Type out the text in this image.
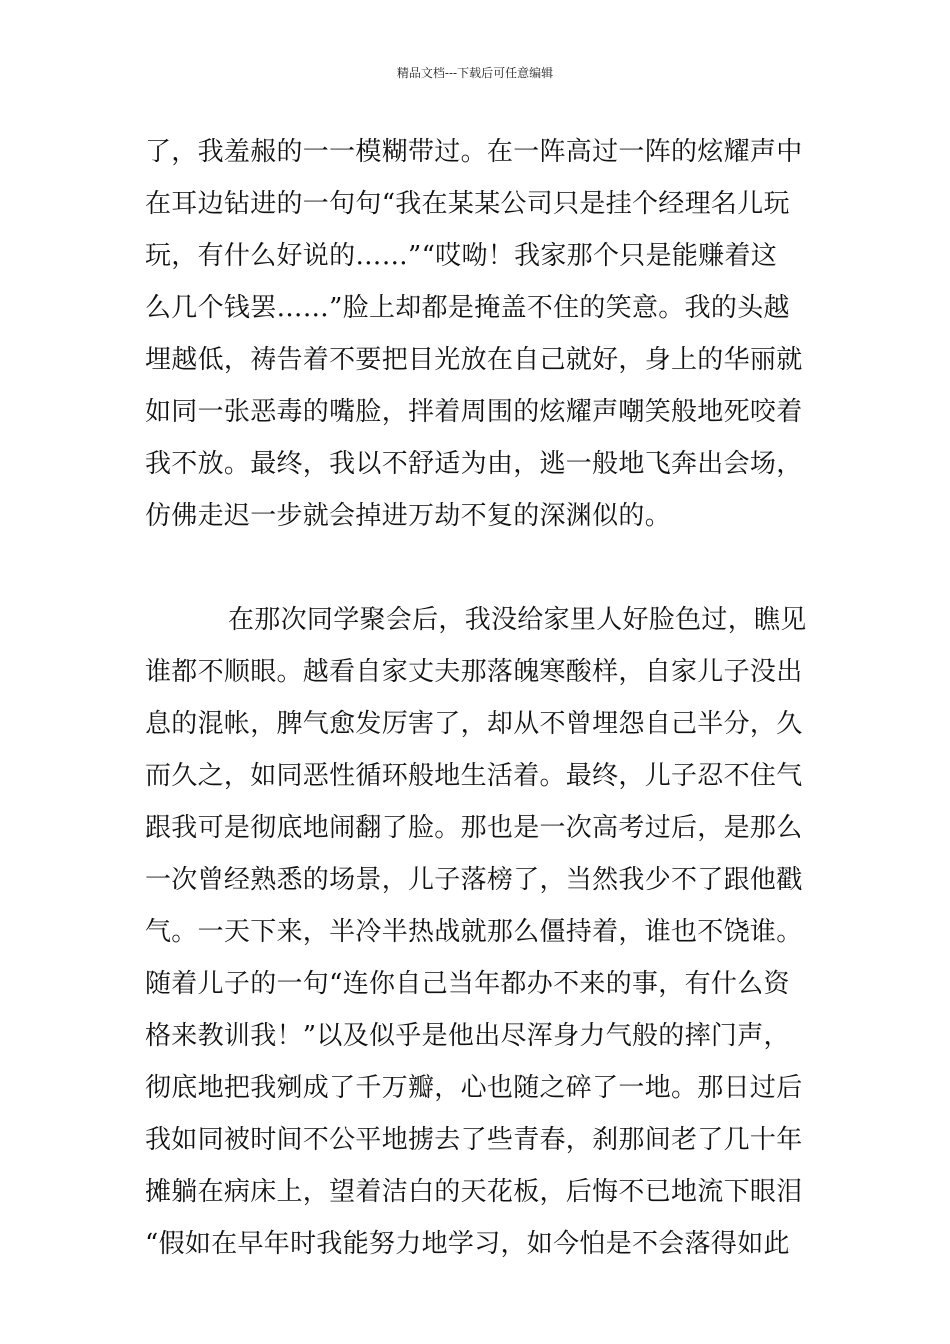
精品文档---下载后可任意编辑
了，我羞赧的一一模糊带过。在一阵高过一阵的炫耀声中
在耳边钻进的一句句“我在某某公司只是挂个经理名儿玩
玩，有什么好说的……”“哎呦！我家那个只是能赚着这
么几个钱罢……”脸上却都是掩盖不住的笑意。我的头越
埋越低，祷告着不要把目光放在自己就好，身上的华丽就
如同一张恶毒的嘴脸，拌着周围的炫耀声嘲笑般地死咬着
我不放。最终，我以不舒适为由，逃一般地飞奔出会场，
仿佛走迟一步就会掉进万劫不复的深渊似的。
在那次同学聚会后，我没给家里人好脸色过，瞧见
谁都不顺眼。越看自家丈夫那落魄寒酸样，自家儿子没出
息的混帐，脾气愈发厉害了，却从不曾埋怨自己半分，久
而久之，如同恶性循环般地生活着。最终，儿子忍不住气
跟我可是彻底地闹翻了脸。那也是一次高考过后，是那么
一次曾经熟悉的场景，儿子落榜了，当然我少不了跟他戳
气。一天下来，半冷半热战就那么僵持着，谁也不饶谁。
随着儿子的一句“连你自己当年都办不来的事，有什么资
格来教训我！”以及似乎是他出尽浑身力气般的摔门声，
彻底地把我剜成了千万瓣，心也随之碎了一地。那日过后
我如同被时间不公平地掳去了些青春，刹那间老了几十年
摊躺在病床上，望着洁白的天花板，后悔不已地流下眼泪
“假如在早年时我能努力地学习，如今怕是不会落得如此
